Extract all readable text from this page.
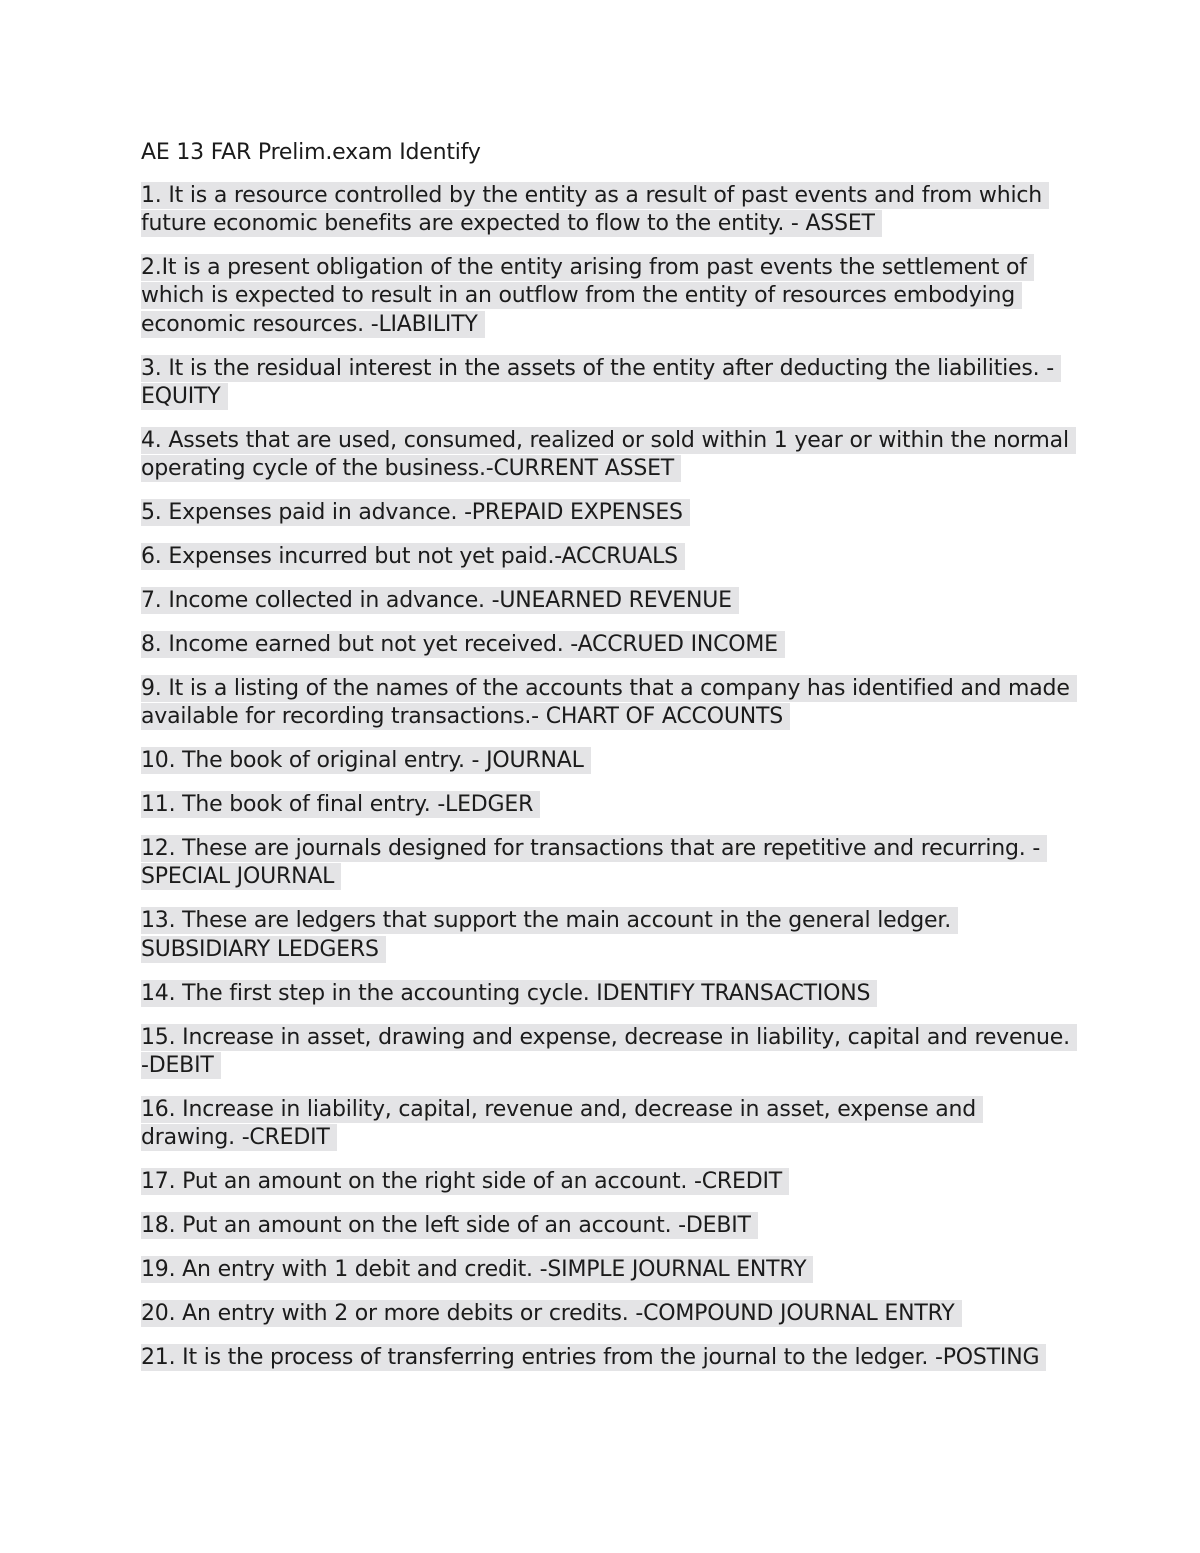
AE 13 FAR Prelim.exam Identify

1. It is a resource controlled by the entity as a result of past events and from which future economic benefits are expected to flow to the entity. - ASSET

2.It is a present obligation of the entity arising from past events the settlement of which is expected to result in an outflow from the entity of resources embodying economic resources. -LIABILITY

3. It is the residual interest in the assets of the entity after deducting the liabilities. -EQUITY

4. Assets that are used, consumed, realized or sold within 1 year or within the normal operating cycle of the business.-CURRENT ASSET

5. Expenses paid in advance. -PREPAID EXPENSES

6. Expenses incurred but not yet paid.-ACCRUALS

7. Income collected in advance. -UNEARNED REVENUE

8. Income earned but not yet received. -ACCRUED INCOME

9. It is a listing of the names of the accounts that a company has identified and made available for recording transactions.- CHART OF ACCOUNTS

10. The book of original entry. - JOURNAL

11. The book of final entry. -LEDGER

12. These are journals designed for transactions that are repetitive and recurring. -SPECIAL JOURNAL

13. These are ledgers that support the main account in the general ledger. SUBSIDIARY LEDGERS

14. The first step in the accounting cycle. IDENTIFY TRANSACTIONS

15. Increase in asset, drawing and expense, decrease in liability, capital and revenue. -DEBIT

16. Increase in liability, capital, revenue and, decrease in asset, expense and drawing. -CREDIT

17. Put an amount on the right side of an account. -CREDIT

18. Put an amount on the left side of an account. -DEBIT

19. An entry with 1 debit and credit. -SIMPLE JOURNAL ENTRY

20. An entry with 2 or more debits or credits. -COMPOUND JOURNAL ENTRY

21. It is the process of transferring entries from the journal to the ledger. -POSTING
